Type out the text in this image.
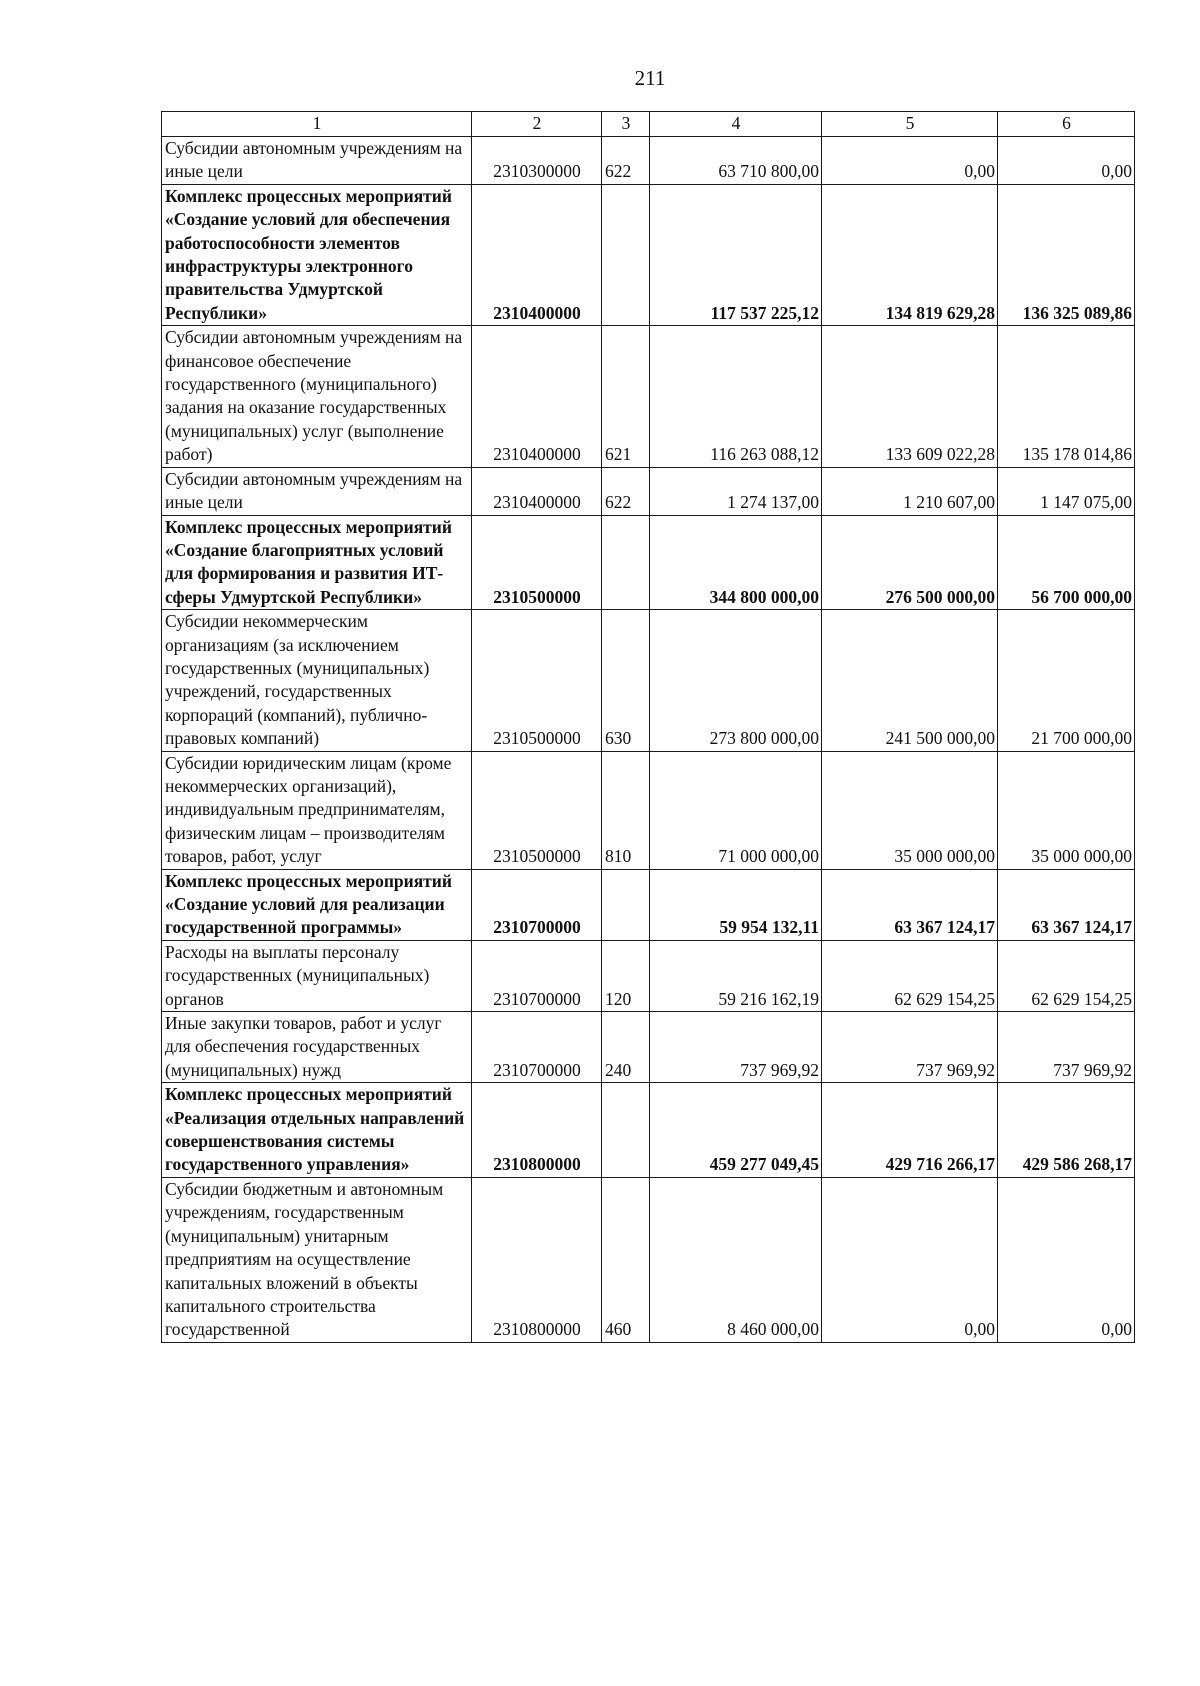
211
1	2	3	4	5	6
Субсидии автономным учреждениям на иные цели	2310300000	622	63 710 800,00	0,00	0,00
Комплекс процессных мероприятий «Создание условий для обеспечения работоспособности элементов инфраструктуры электронного правительства Удмуртской Республики»	2310400000		117 537 225,12	134 819 629,28	136 325 089,86
Субсидии автономным учреждениям на финансовое обеспечение государственного (муниципального) задания на оказание государственных (муниципальных) услуг (выполнение работ)	2310400000	621	116 263 088,12	133 609 022,28	135 178 014,86
Субсидии автономным учреждениям на иные цели	2310400000	622	1 274 137,00	1 210 607,00	1 147 075,00
Комплекс процессных мероприятий «Создание благоприятных условий для формирования и развития ИТ-сферы Удмуртской Республики»	2310500000		344 800 000,00	276 500 000,00	56 700 000,00
Субсидии некоммерческим организациям (за исключением государственных (муниципальных) учреждений, государственных корпораций (компаний), публично-правовых компаний)	2310500000	630	273 800 000,00	241 500 000,00	21 700 000,00
Субсидии юридическим лицам (кроме некоммерческих организаций), индивидуальным предпринимателям, физическим лицам – производителям товаров, работ, услуг	2310500000	810	71 000 000,00	35 000 000,00	35 000 000,00
Комплекс процессных мероприятий «Создание условий для реализации государственной программы»	2310700000		59 954 132,11	63 367 124,17	63 367 124,17
Расходы на выплаты персоналу государственных (муниципальных) органов	2310700000	120	59 216 162,19	62 629 154,25	62 629 154,25
Иные закупки товаров, работ и услуг для обеспечения государственных (муниципальных) нужд	2310700000	240	737 969,92	737 969,92	737 969,92
Комплекс процессных мероприятий «Реализация отдельных направлений совершенствования системы государственного управления»	2310800000		459 277 049,45	429 716 266,17	429 586 268,17
Субсидии бюджетным и автономным учреждениям, государственным (муниципальным) унитарным предприятиям на осуществление капитальных вложений в объекты капитального строительства государственной	2310800000	460	8 460 000,00	0,00	0,00
